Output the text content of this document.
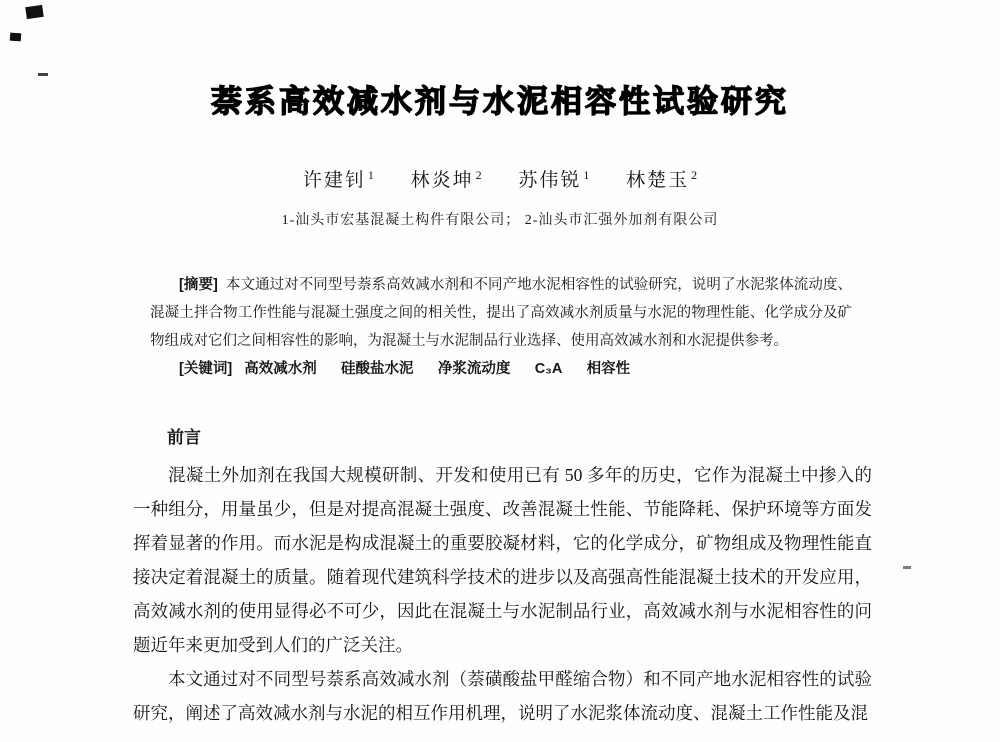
萘系高效减水剂与水泥相容性试验研究
许建钊 $^1$ 林炎坤 $^2$ 苏伟锐 $^1$ 林楚玉 $^2$
1-汕头市宏基混凝土构件有限公司； 2-汕头市汇强外加剂有限公司
[摘要] 本文通过对不同型号萘系高效减水剂和不同产地水泥相容性的试验研究，说明了水泥浆体流动度、混凝土拌合物工作性能与混凝土强度之间的相关性，提出了高效减水剂质量与水泥的物理性能、化学成分及矿物组成对它们之间相容性的影响，为混凝土与水泥制品行业选择、使用高效减水剂和水泥提供参考。
[关键词] 高效减水剂 硅酸盐水泥 净浆流动度 C₃A 相容性
前言

混凝土外加剂在我国大规模研制、开发和使用已有 50 多年的历史，它作为混凝土中掺入的一种组分，用量虽少，但是对提高混凝土强度、改善混凝土性能、节能降耗、保护环境等方面发挥着显著的作用。而水泥是构成混凝土的重要胶凝材料，它的化学成分，矿物组成及物理性能直接决定着混凝土的质量。随着现代建筑科学技术的进步以及高强高性能混凝土技术的开发应用，高效减水剂的使用显得必不可少，因此在混凝土与水泥制品行业，高效减水剂与水泥相容性的问题近年来更加受到人们的广泛关注。

本文通过对不同型号萘系高效减水剂（萘磺酸盐甲醛缩合物）和不同产地水泥相容性的试验研究，阐述了高效减水剂与水泥的相互作用机理，说明了水泥浆体流动度、混凝土工作性能及混
